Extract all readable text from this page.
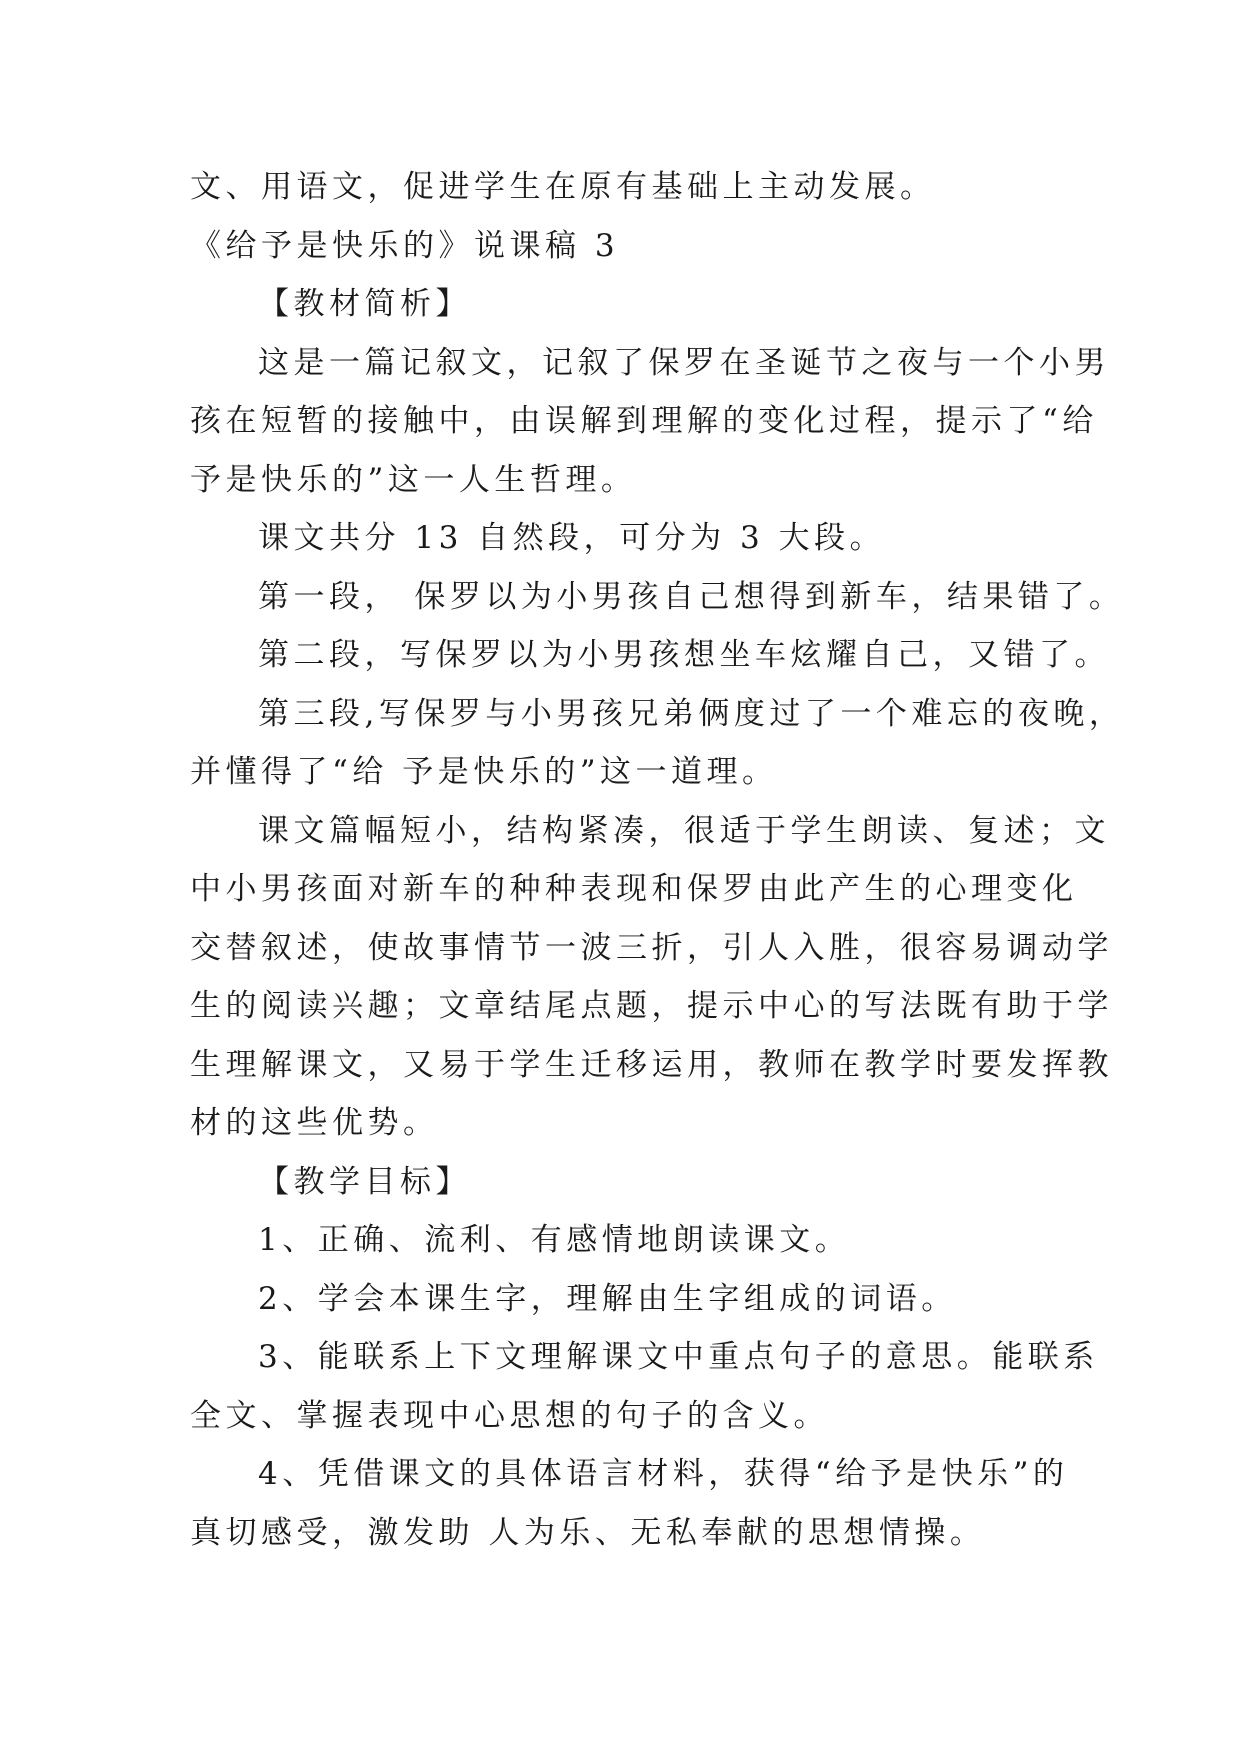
文、用语文，促进学生在原有基础上主动发展。
《给予是快乐的》说课稿 3
【教材简析】
这是一篇记叙文，记叙了保罗在圣诞节之夜与一个小男
孩在短暂的接触中，由误解到理解的变化过程，提示了“给
予是快乐的”这一人生哲理。
课文共分 13 自然段，可分为 3 大段。
第一段， 保罗以为小男孩自己想得到新车，结果错了。
第二段，写保罗以为小男孩想坐车炫耀自己，又错了。
第三段,写保罗与小男孩兄弟俩度过了一个难忘的夜晚，
并懂得了“给 予是快乐的”这一道理。
课文篇幅短小，结构紧凑，很适于学生朗读、复述；文
中小男孩面对新车的种种表现和保罗由此产生的心理变化
交替叙述，使故事情节一波三折，引人入胜，很容易调动学
生的阅读兴趣；文章结尾点题，提示中心的写法既有助于学
生理解课文，又易于学生迁移运用，教师在教学时要发挥教
材的这些优势。
【教学目标】
1、正确、流利、有感情地朗读课文。
2、学会本课生字，理解由生字组成的词语。
3、能联系上下文理解课文中重点句子的意思。能联系
全文、掌握表现中心思想的句子的含义。
4、凭借课文的具体语言材料，获得“给予是快乐”的
真切感受，激发助 人为乐、无私奉献的思想情操。
